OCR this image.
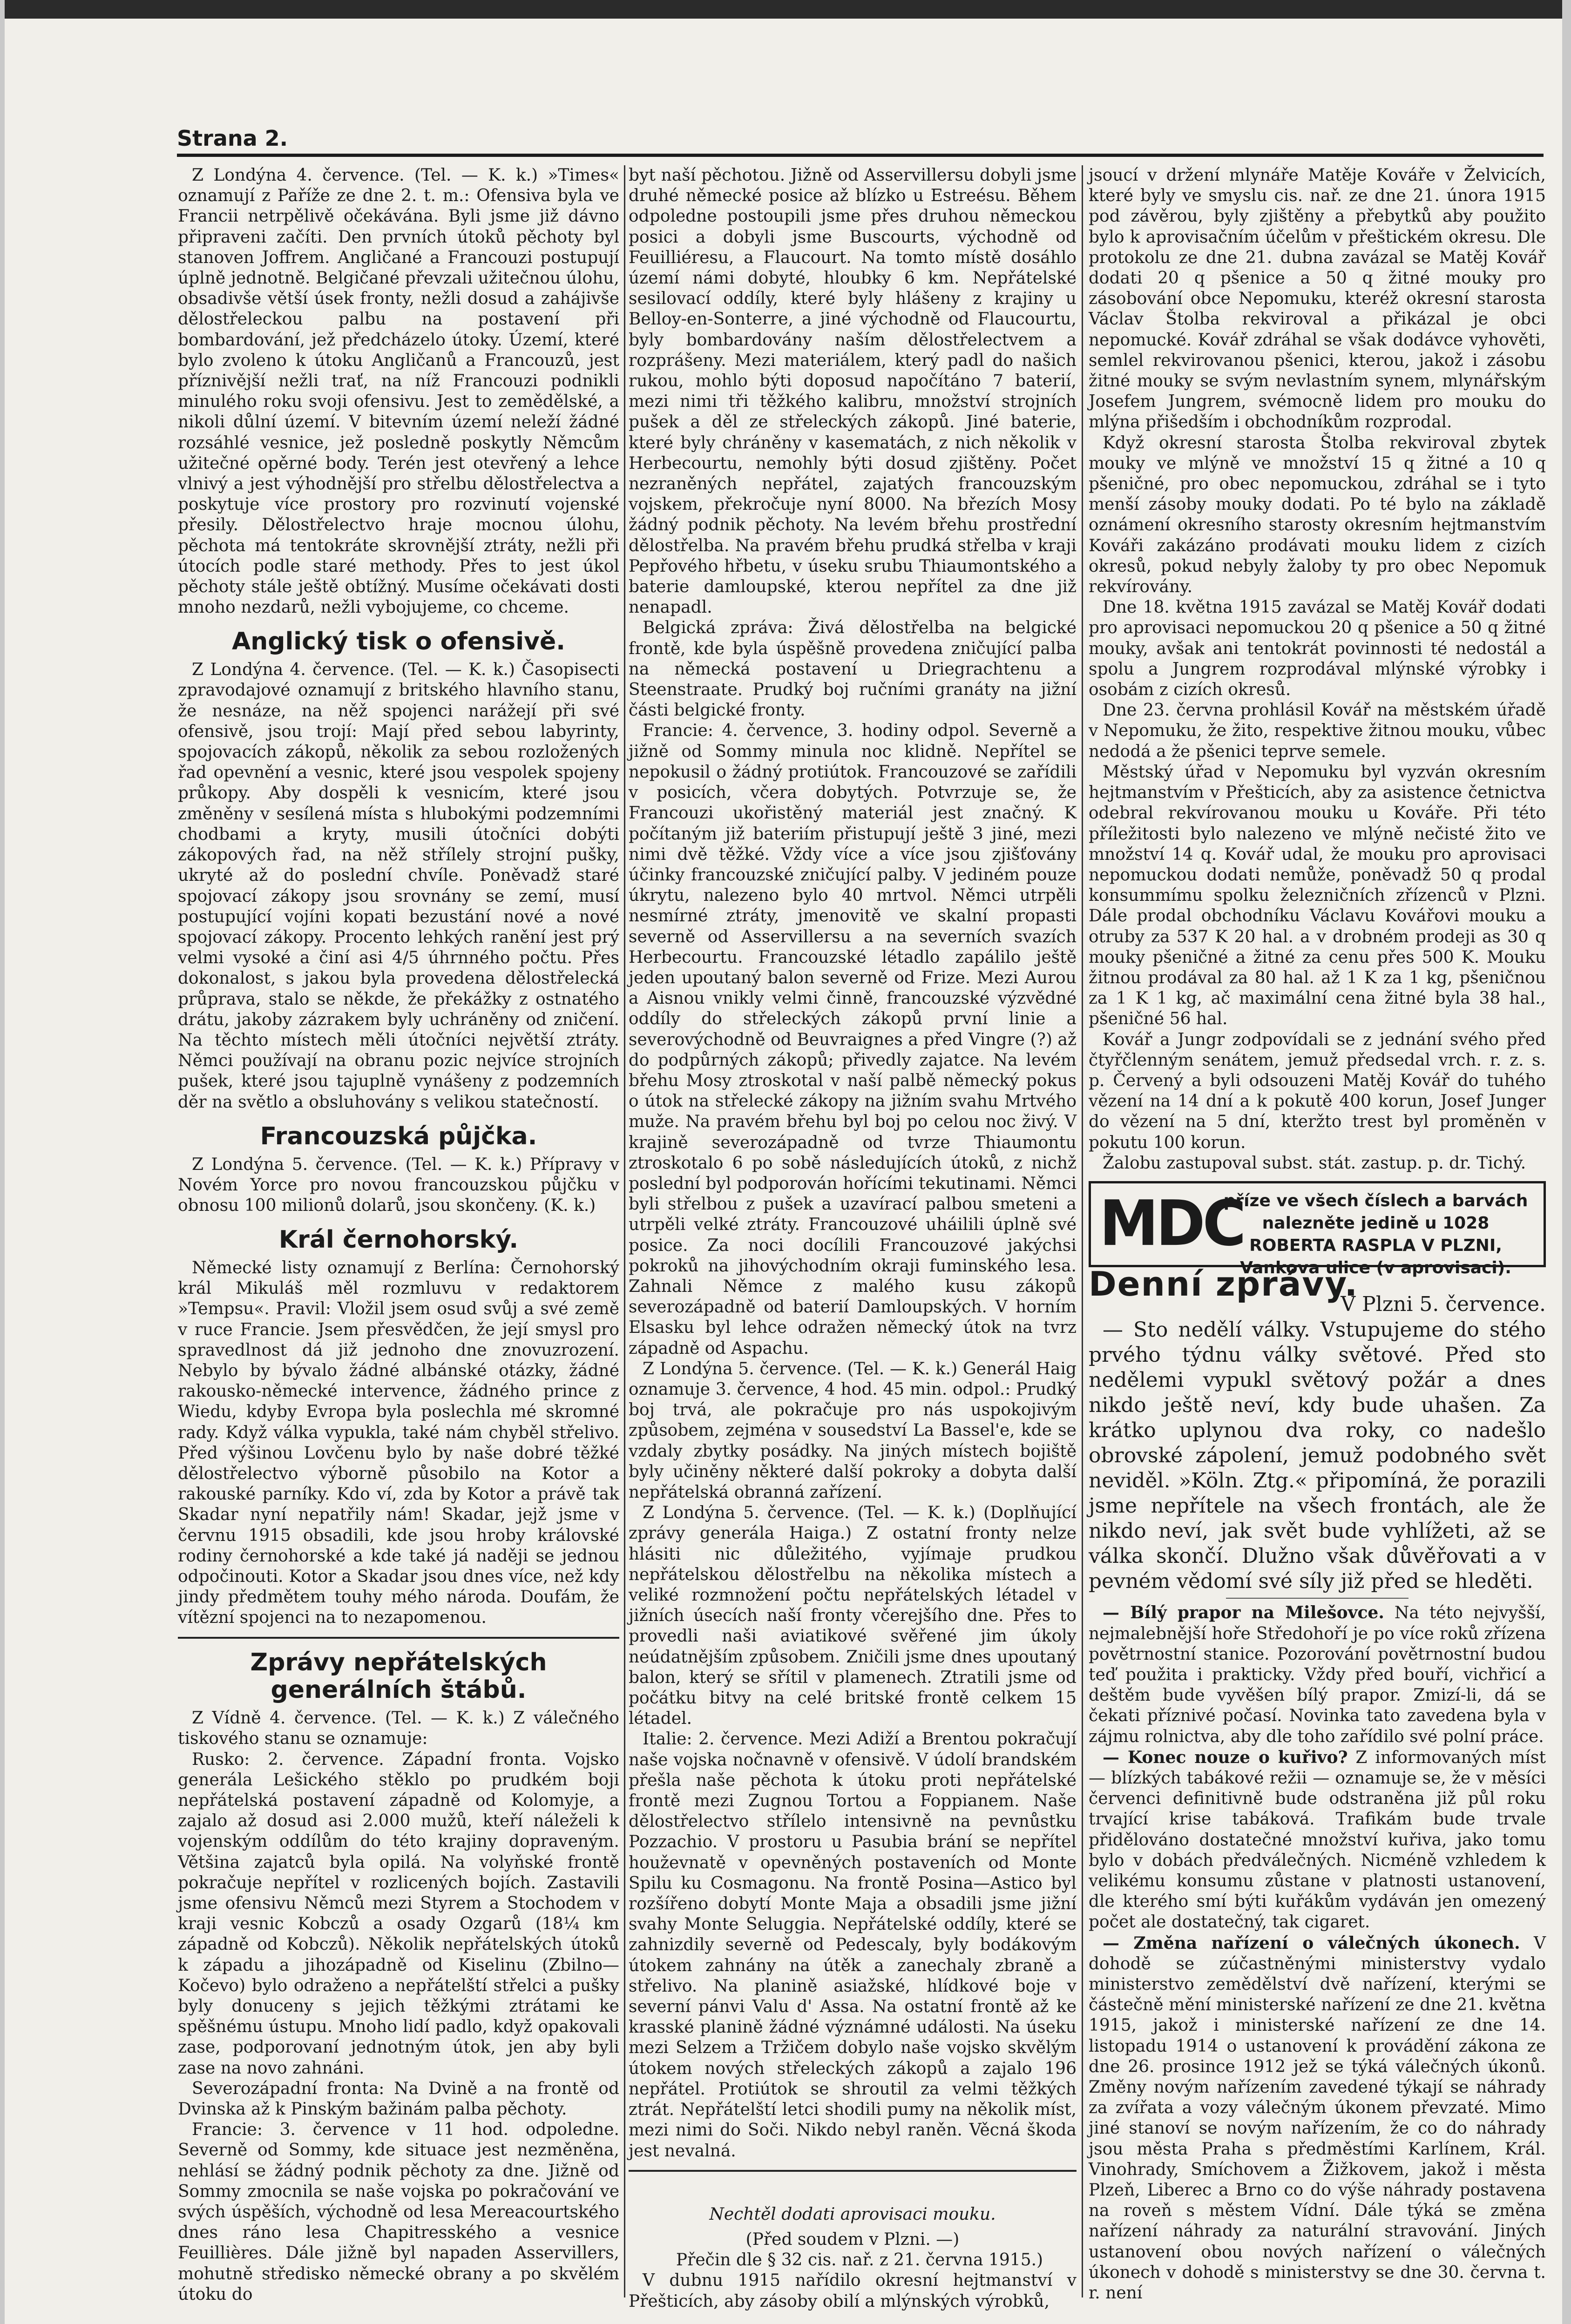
Strana 2.

Z Londýna 4. července. (Tel. — K. k.) »Times« oznamují z Paříže ze dne 2. t. m.: Ofensiva byla ve Francii netrpělivě očekávána. Byli jsme již dávno připraveni začíti. Den prvních útoků pěchoty byl stanoven Joffrem. Angličané a Francouzi postupují úplně jednotně. Belgičané převzali užitečnou úlohu, obsadivše větší úsek fronty, nežli dosud a zahájivše dělostřeleckou palbu na postavení při bombardování, jež předcházelo útoky. Území, které bylo zvoleno k útoku Angličanů a Francouzů, jest příznivější nežli trať, na níž Francouzi podnikli minulého roku svoji ofensivu. Jest to zemědělské, a nikoli důlní území. V bitevním území neleží žádné rozsáhlé vesnice, jež posledně poskytly Němcům užitečné opěrné body. Terén jest otevřený a lehce vlnivý a jest výhodnější pro střelbu dělostřelectva a poskytuje více prostory pro rozvinutí vojenské přesily. Dělostřelectvo hraje mocnou úlohu, pěchota má tentokráte skrovnější ztráty, nežli při útocích podle staré methody. Přes to jest úkol pěchoty stále ještě obtížný. Musíme očekávati dosti mnoho nezdarů, nežli vybojujeme, co chceme.

Anglický tisk o ofensivě.

Z Londýna 4. července. (Tel. — K. k.) Časopisecti zpravodajové oznamují z britského hlavního stanu, že nesnáze, na něž spojenci narážejí při své ofensivě, jsou trojí: Mají před sebou labyrinty, spojovacích zákopů, několik za sebou rozložených řad opevnění a vesnic, které jsou vespolek spojeny průkopy. Aby dospěli k vesnicím, které jsou změněny v sesílená místa s hlubokými podzemními chodbami a kryty, musili útočníci dobýti zákopových řad, na něž střílely strojní pušky, ukryté až do poslední chvíle. Poněvadž staré spojovací zákopy jsou srovnány se zemí, musí postupující vojíni kopati bezustání nové a nové spojovací zákopy. Procento lehkých ranění jest prý velmi vysoké a činí asi 4/5 úhrnného počtu. Přes dokonalost, s jakou byla provedena dělostřelecká průprava, stalo se někde, že překážky z ostnatého drátu, jakoby zázrakem byly uchráněny od zničení. Na těchto místech měli útočníci největší ztráty. Němci používají na obranu pozic nejvíce strojních pušek, které jsou tajuplně vynášeny z podzemních děr na světlo a obsluhovány s velikou statečností.

Francouzská půjčka.

Z Londýna 5. července. (Tel. — K. k.) Přípravy v Novém Yorce pro novou francouzskou půjčku v obnosu 100 milionů dolarů, jsou skončeny. (K. k.)

Král černohorský.

Německé listy oznamují z Berlína: Černohorský král Mikuláš měl rozmluvu v redaktorem »Tempsu«. Pravil: Vložil jsem osud svůj a své země v ruce Francie. Jsem přesvědčen, že její smysl pro spravedlnost dá již jednoho dne znovuzrození. Nebylo by bývalo žádné albánské otázky, žádné rakousko-německé intervence, žádného prince z Wiedu, kdyby Evropa byla poslechla mé skromné rady. Když válka vypukla, také nám chyběl střelivo. Před výšinou Lovčenu bylo by naše dobré těžké dělostřelectvo výborně působilo na Kotor a rakouské parníky. Kdo ví, zda by Kotor a právě tak Skadar nyní nepatřily nám! Skadar, jejž jsme v červnu 1915 obsadili, kde jsou hroby královské rodiny černohorské a kde také já naději se jednou odpočinouti. Kotor a Skadar jsou dnes více, než kdy jindy předmětem touhy mého národa. Doufám, že vítězní spojenci na to nezapomenou.

Zprávy nepřátelských generálních štábů.

Z Vídně 4. července. (Tel. — K. k.) Z válečného tiskového stanu se oznamuje:

Rusko: 2. července. Západní fronta. Vojsko generála Lešického stěklo po prudkém boji nepřátelská postavení západně od Kolomyje, a zajalo až dosud asi 2.000 mužů, kteří náleželi k vojenským oddílům do této krajiny dopraveným. Většina zajatců byla opilá. Na volyňské frontě pokračuje nepřítel v rozlicených bojích. Zastavili jsme ofensivu Němců mezi Styrem a Stochodem v kraji vesnic Kobczů a osady Ozgarů (18¼ km západně od Kobczů). Několik nepřátelských útoků k západu a jihozápadně od Kiselinu (Zbilno—Kočevo) bylo odraženo a nepřátelští střelci a pušky byly donuceny s jejich těžkými ztrátami ke spěšnému ústupu. Mnoho lidí padlo, když opakovali zase, podporovaní jednotným útok, jen aby byli zase na novo zahnáni.

Severozápadní fronta: Na Dvině a na frontě od Dvinska až k Pinským bažinám palba pěchoty.

Francie: 3. července v 11 hod. odpoledne. Severně od Sommy, kde situace jest nezměněna, nehlásí se žádný podnik pěchoty za dne. Jižně od Sommy zmocnila se naše vojska po pokračování ve svých úspěších, východně od lesa Mereacourtského dnes ráno lesa Chapitresského a vesnice Feuillières. Dále jižně byl napaden Asservillers, mohutně středisko německé obrany a po skvělém útoku do

byt naší pěchotou. Jižně od Asservillersu dobyli jsme druhé německé posice až blízko u Estreésu. Během odpoledne postoupili jsme přes druhou německou posici a dobyli jsme Buscourts, východně od Feuilliéresu, a Flaucourt. Na tomto místě dosáhlo území námi dobyté, hloubky 6 km. Nepřátelské sesilovací oddíly, které byly hlášeny z krajiny u Belloy-en-Sonterre, a jiné východně od Flaucourtu, byly bombardovány naším dělostřelectvem a rozprášeny. Mezi materiálem, který padl do našich rukou, mohlo býti doposud napočítáno 7 baterií, mezi nimi tři těžkého kalibru, množství strojních pušek a děl ze střeleckých zákopů. Jiné baterie, které byly chráněny v kasematách, z nich několik v Herbecourtu, nemohly býti dosud zjištěny. Počet nezraněných nepřátel, zajatých francouzským vojskem, překročuje nyní 8000. Na březích Mosy žádný podnik pěchoty. Na levém břehu prostřední dělostřelba. Na pravém břehu prudká střelba v kraji Pepřového hřbetu, v úseku srubu Thiaumontského a baterie damloupské, kterou nepřítel za dne již nenapadl.

Belgická zpráva: Živá dělostřelba na belgické frontě, kde byla úspěšně provedena zničující palba na německá postavení u Driegrachtenu a Steenstraate. Prudký boj ručními granáty na jižní části belgické fronty.

Francie: 4. července, 3. hodiny odpol. Severně a jižně od Sommy minula noc klidně. Nepřítel se nepokusil o žádný protiútok. Francouzové se zařídili v posicích, včera dobytých. Potvrzuje se, že Francouzi ukořistěný materiál jest značný. K počítaným již bateriím přistupují ještě 3 jiné, mezi nimi dvě těžké. Vždy více a více jsou zjišťovány účinky francouzské zničující palby. V jediném pouze úkrytu, nalezeno bylo 40 mrtvol. Němci utrpěli nesmírné ztráty, jmenovitě ve skalní propasti severně od Asservillersu a na severních svazích Herbecourtu. Francouzské létadlo zapálilo ještě jeden upoutaný balon severně od Frize. Mezi Aurou a Aisnou vnikly velmi činně, francouzské výzvědné oddíly do střeleckých zákopů první linie a severovýchodně od Beuvraignes a před Vingre (?) až do podpůrných zákopů; přivedly zajatce. Na levém břehu Mosy ztroskotal v naší palbě německý pokus o útok na střelecké zákopy na jižním svahu Mrtvého muže. Na pravém břehu byl boj po celou noc živý. V krajině severozápadně od tvrze Thiaumontu ztroskotalo 6 po sobě následujících útoků, z nichž poslední byl podporován hořícími tekutinami. Němci byli střelbou z pušek a uzavírací palbou smeteni a utrpěli velké ztráty. Francouzové uháilili úplně své posice. Za noci docílili Francouzové jakýchsi pokroků na jihovýchodním okraji fuminského lesa. Zahnali Němce z malého kusu zákopů severozápadně od baterií Damloupských. V horním Elsasku byl lehce odražen německý útok na tvrz západně od Aspachu.

Z Londýna 5. července. (Tel. — K. k.) Generál Haig oznamuje 3. července, 4 hod. 45 min. odpol.: Prudký boj trvá, ale pokračuje pro nás uspokojivým způsobem, zejména v sousedství La Bassel'e, kde se vzdaly zbytky posádky. Na jiných místech bojiště byly učiněny některé další pokroky a dobyta další nepřátelská obranná zařízení.

Z Londýna 5. července. (Tel. — K. k.) (Doplňující zprávy generála Haiga.) Z ostatní fronty nelze hlásiti nic důležitého, vyjímaje prudkou nepřátelskou dělostřelbu na několika místech a veliké rozmnožení počtu nepřátelských létadel v jižních úsecích naší fronty včerejšího dne. Přes to provedli naši aviatikové svěřené jim úkoly neúdatnějším způsobem. Zničili jsme dnes upoutaný balon, který se sřítil v plamenech. Ztratili jsme od počátku bitvy na celé britské frontě celkem 15 létadel.

Italie: 2. července. Mezi Adiží a Brentou pokračují naše vojska nočnavně v ofensivě. V údolí brandském přešla naše pěchota k útoku proti nepřátelské frontě mezi Zugnou Tortou a Foppianem. Naše dělostřelectvo střílelo intensivně na pevnůstku Pozzachio. V prostoru u Pasubia brání se nepřítel houževnatě v opevněných postaveních od Monte Spilu ku Cosmagonu. Na frontě Posina—Astico byl rozšířeno dobytí Monte Maja a obsadili jsme jižní svahy Monte Seluggia. Nepřátelské oddíly, které se zahnizdily severně od Pedescaly, byly bodákovým útokem zahnány na útěk a zanechaly zbraně a střelivo. Na planině asiažské, hlídkové boje v severní pánvi Valu d' Assa. Na ostatní frontě až ke krasské planině žádné význámné události. Na úseku mezi Selzem a Tržičem dobylo naše vojsko skvělým útokem nových střeleckých zákopů a zajalo 196 nepřátel. Protiútok se shroutil za velmi těžkých ztrát. Nepřátelští letci shodili pumy na několik míst, mezi nimi do Soči. Nikdo nebyl raněn. Věcná škoda jest nevalná.

Nechtěl dodati aprovisaci mouku.

(Před soudem v Plzni. —)

Přečin dle § 32 cis. nař. z 21. června 1915.)

V dubnu 1915 nařídilo okresní hejtmanství v Přešticích, aby zásoby obilí a mlýnských výrobků,

jsoucí v držení mlynáře Matěje Kováře v Želvicích, které byly ve smyslu cis. nař. ze dne 21. února 1915 pod závěrou, byly zjištěny a přebytků aby použito bylo k aprovisačním účelům v přeštickém okresu. Dle protokolu ze dne 21. dubna zavázal se Matěj Kovář dodati 20 q pšenice a 50 q žitné mouky pro zásobování obce Nepomuku, kteréž okresní starosta Václav Štolba rekviroval a přikázal je obci nepomucké. Kovář zdráhal se však dodávce vyhověti, semlel rekvirovanou pšenici, kterou, jakož i zásobu žitné mouky se svým nevlastním synem, mlynářským Josefem Jungrem, svémocně lidem pro mouku do mlýna přišedším i obchodníkům rozprodal.

Když okresní starosta Štolba rekviroval zbytek mouky ve mlýně ve množství 15 q žitné a 10 q pšeničné, pro obec nepomuckou, zdráhal se i tyto menší zásoby mouky dodati. Po té bylo na základě oznámení okresního starosty okresním hejtmanstvím Kováři zakázáno prodávati mouku lidem z cizích okresů, pokud nebyly žaloby ty pro obec Nepomuk rekvírovány.

Dne 18. května 1915 zavázal se Matěj Kovář dodati pro aprovisaci nepomuckou 20 q pšenice a 50 q žitné mouky, avšak ani tentokrát povinnosti té nedostál a spolu a Jungrem rozprodával mlýnské výrobky i osobám z cizích okresů.

Dne 23. června prohlásil Kovář na městském úřadě v Nepomuku, že žito, respektive žitnou mouku, vůbec nedodá a že pšenici teprve semele.

Městský úřad v Nepomuku byl vyzván okresním hejtmanstvím v Přešticích, aby za asistence četnictva odebral rekvírovanou mouku u Kováře. Při této příležitosti bylo nalezeno ve mlýně nečisté žito ve množství 14 q. Kovář udal, že mouku pro aprovisaci nepomuckou dodati nemůže, poněvadž 50 q prodal konsummímu spolku železničních zřízenců v Plzni. Dále prodal obchodníku Václavu Kovářovi mouku a otruby za 537 K 20 hal. a v drobném prodeji as 30 q mouky pšeničné a žitné za cenu přes 500 K. Mouku žitnou prodával za 80 hal. až 1 K za 1 kg, pšeničnou za 1 K 1 kg, ač maximální cena žitné byla 38 hal., pšeničné 56 hal.

Kovář a Jungr zodpovídali se z jednání svého před čtyřčlenným senátem, jemuž předsedal vrch. r. z. s. p. Červený a byli odsouzeni Matěj Kovář do tuhého vězení na 14 dní a k pokutě 400 korun, Josef Junger do vězení na 5 dní, kteržto trest byl proměněn v pokutu 100 korun.

Žalobu zastupoval subst. stát. zastup. p. dr. Tichý.

MDC
příze ve všech číslech a barvách
nalezněte jedině u 1028
ROBERTA RASPLA V PLZNI,
Vankova ulice (v aprovisaci).
Denní zprávy.

V Plzni 5. července.

— Sto nedělí války. Vstupujeme do stého prvého týdnu války světové. Před sto nedělemi vypukl světový požár a dnes nikdo ještě neví, kdy bude uhašen. Za krátko uplynou dva roky, co nadešlo obrovské zápolení, jemuž podobného svět neviděl. »Köln. Ztg.« připomíná, že porazili jsme nepřítele na všech frontách, ale že nikdo neví, jak svět bude vyhlížeti, až se válka skončí. Dlužno však důvěřovati a v pevném vědomí své síly již před se hleděti.

— Bílý prapor na Milešovce. Na této nejvyšší, nejmalebnější hoře Středohoří je po více roků zřízena povětrnostní stanice. Pozorování povětrnostní budou teď použita i prakticky. Vždy před bouří, vichřicí a deštěm bude vyvěšen bílý prapor. Zmizí-li, dá se čekati příznivé počasí. Novinka tato zavedena byla v zájmu rolnictva, aby dle toho zařídilo své polní práce.

— Konec nouze o kuřivo? Z informovaných míst — blízkých tabákové režii — oznamuje se, že v měsíci červenci definitivně bude odstraněna již půl roku trvající krise tabáková. Trafikám bude trvale přidělováno dostatečné množství kuřiva, jako tomu bylo v dobách předválečných. Nicméně vzhledem k velikému konsumu zůstane v platnosti ustanovení, dle kterého smí býti kuřákům vydáván jen omezený počet ale dostatečný, tak cigaret.

— Změna nařízení o válečných úkonech. V dohodě se zúčastněnými ministerstvy vydalo ministerstvo zemědělství dvě nařízení, kterými se částečně mění ministerské nařízení ze dne 21. května 1915, jakož i ministerské nařízení ze dne 14. listopadu 1914 o ustanovení k provádění zákona ze dne 26. prosince 1912 jež se týká válečných úkonů. Změny novým nařízením zavedené týkají se náhrady za zvířata a vozy válečným úkonem převzaté. Mimo jiné stanoví se novým nařízením, že co do náhrady jsou města Praha s předměstími Karlínem, Král. Vinohrady, Smíchovem a Žižkovem, jakož i města Plzeň, Liberec a Brno co do výše náhrady postavena na roveň s městem Vídní. Dále týká se změna nařízení náhrady za naturální stravování. Jiných ustanovení obou nových nařízení o válečných úkonech v dohodě s ministerstvy se dne 30. června t. r. není
